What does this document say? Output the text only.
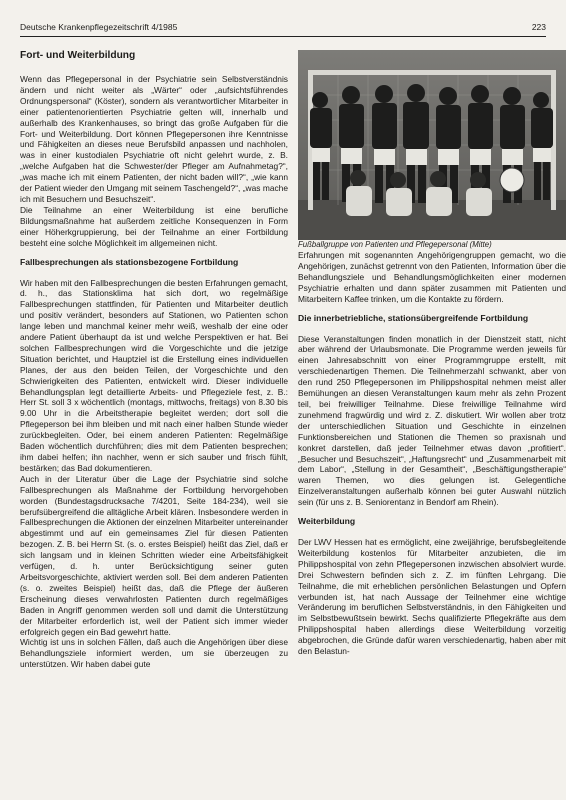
Deutsche Krankenpflegezeitschrift 4/1985	223
Fort- und Weiterbildung

Wenn das Pflegepersonal in der Psychiatrie sein Selbstverständnis ändern und nicht weiter als „Wärter“ oder „aufsichtsführendes Ordnungspersonal“ (Köster), sondern als verantwortlicher Mitarbeiter in einer patientenorientierten Psychiatrie gelten will, innerhalb und außerhalb des Krankenhauses, so bringt das große Aufgaben für die Fort- und Weiterbildung. Dort können Pflegepersonen ihre Kenntnisse und Fähigkeiten an dieses neue Berufsbild anpassen und nachholen, was in einer kustodialen Psychiatrie oft nicht gelehrt wurde, z. B. „welche Aufgaben hat die Schwester/der Pfleger am Aufnahmetag?“, „was mache ich mit einem Patienten, der nicht baden will?“, „wie kann der Patient wieder den Umgang mit seinem Taschengeld?“, „was mache ich mit Besuchern und Besuchszeit“.

Die Teilnahme an einer Weiterbildung ist eine berufliche Bildungsmaßnahme hat außerdem zeitliche Konsequenzen in Form einer Höherkgruppierung, bei der Teilnahme an einer Fortbildung besteht eine solche Möglichkeit im allgemeinen nicht.

Fallbesprechungen als stationsbezogene Fortbildung

Wir haben mit den Fallbesprechungen die besten Erfahrungen gemacht, d. h., das Stationsklima hat sich dort, wo regelmäßige Fallbesprechungen stattfinden, für Patienten und Mitarbeiter deutlich und positiv verändert, besonders auf Stationen, wo Patienten schon lange leben und manchmal keiner mehr weiß, weshalb der eine oder andere Patient überhaupt da ist und welche Perspektiven er hat. Bei solchen Fallbesprechungen wird die Vorgeschichte und die jetzige Situation berichtet, und Hauptziel ist die Erstellung eines individuellen Planes, der aus den beiden Teilen, der Vorgeschichte und den Schwierigkeiten des Patienten, entwickelt wird. Dieser individuelle Behandlungsplan legt detaillierte Arbeits- und Pflegeziele fest, z. B.: Herr St. soll 3 x wöchentlich (montags, mittwochs, freitags) von 8.30 bis 9.00 Uhr in die Arbeitstherapie begleitet werden; dort soll die Pflegeperson bei ihm bleiben und mit nach einer halben Stunde wieder zurückbegleiten. Oder, bei einem anderen Patienten: Regelmäßige Baden wöchentlich durchführen; dies mit dem Patienten besprechen; ihm dabei helfen; ihn nachher, wenn er sich sauber und frisch fühlt, bestärken; das Bad dokumentieren.

Auch in der Literatur über die Lage der Psychiatrie sind solche Fallbesprechungen als Maßnahme der Fortbildung hervorgehoben worden (Bundestagsdrucksache 7/4201, Seite 184-234), weil sie berufsübergreifend die alltägliche Arbeit klären. Insbesondere werden in Fallbesprechungen die Aktionen der einzelnen Mitarbeiter untereinander abgestimmt und auf ein gemeinsames Ziel für diesen Patienten bezogen. Z. B. bei Herrn St. (s. o. erstes Beispiel) heißt das Ziel, daß er sich langsam und in kleinen Schritten wieder eine Arbeitsfähigkeit verfügen, d. h. unter Berücksichtigung seiner guten Arbeitsvorgeschichte, aktiviert werden soll. Bei dem anderen Patienten (s. o. zweites Beispiel) heißt das, daß die Pflege der äußeren Erscheinung dieses verwahrlosten Patienten durch regelmäßiges Baden in Angriff genommen werden soll und damit die Unterstützung der Mitarbeiter erforderlich ist, weil der Patient sich immer wieder erfolgreich gegen ein Bad gewehrt hatte.

Wichtig ist uns in solchen Fällen, daß auch die Angehörigen über diese Behandlungsziele informiert werden, um sie überzeugen zu unterstützen. Wir haben dabei gute

Fußballgruppe von Patienten und Pflegepersonal (Mitte)

Erfahrungen mit sogenannten Angehörigengruppen gemacht, wo die Angehörigen, zunächst getrennt von den Patienten, Information über die Behandlungsziele und Behandlungsmöglichkeiten einer modernen Psychiatrie erhalten und dann später zusammen mit Patienten und Mitarbeitern Kaffee trinken, um die Kontakte zu fördern.

Die innerbetriebliche, stationsübergreifende Fortbildung

Diese Veranstaltungen finden monatlich in der Dienstzeit statt, nicht aber während der Urlaubsmonate. Die Programme werden jeweils für einen Jahresabschnitt von einer Programmgruppe erstellt, mit verschiedenartigen Themen. Die Teilnehmerzahl schwankt, aber von den rund 250 Pflegepersonen im Philippshospital nehmen meist aller Bemühungen an diesen Veranstaltungen kaum mehr als zehn Prozent teil, bei freiwilliger Teilnahme. Diese freiwillige Teilnahme wird zunehmend fragwürdig und wird z. Z. diskutiert. Wir wollen aber trotz der unterschiedlichen Situation und Geschichte in einzelnen Funktionsbereichen und Stationen die Themen so praxisnah und konkret darstellen, daß jeder Teilnehmer etwas davon „profitiert“. „Besucher und Besuchszeit“, „Haftungsrecht“ und „Zusammenarbeit mit dem Labor“, „Stellung in der Gesamtheit“, „Beschäftigungstherapie“ waren Themen, wo dies gelungen ist. Gelegentliche Einzelveranstaltungen außerhalb können bei guter Auswahl nützlich sein (für uns z. B. Seniorentanz in Bendorf am Rhein).

Weiterbildung

Der LWV Hessen hat es ermöglicht, eine zweijährige, berufsbegleitende Weiterbildung kostenlos für Mitarbeiter anzubieten, die im Philippshospital von zehn Pflegepersonen inzwischen absolviert wurde. Drei Schwestern befinden sich z. Z. im fünften Lehrgang. Die Teilnahme, die mit erheblichen persönlichen Belastungen und Opfern verbunden ist, hat nach Aussage der Teilnehmer eine wichtige Veränderung im beruflichen Selbstverständnis, in den Fähigkeiten und im Selbstbewußtsein bewirkt. Sechs qualifizierte Pflegekräfte aus dem Philippshospital haben allerdings diese Weiterbildung vorzeitig abgebrochen, die Gründe dafür waren verschiedenartig, haben aber mit den Belastun-
